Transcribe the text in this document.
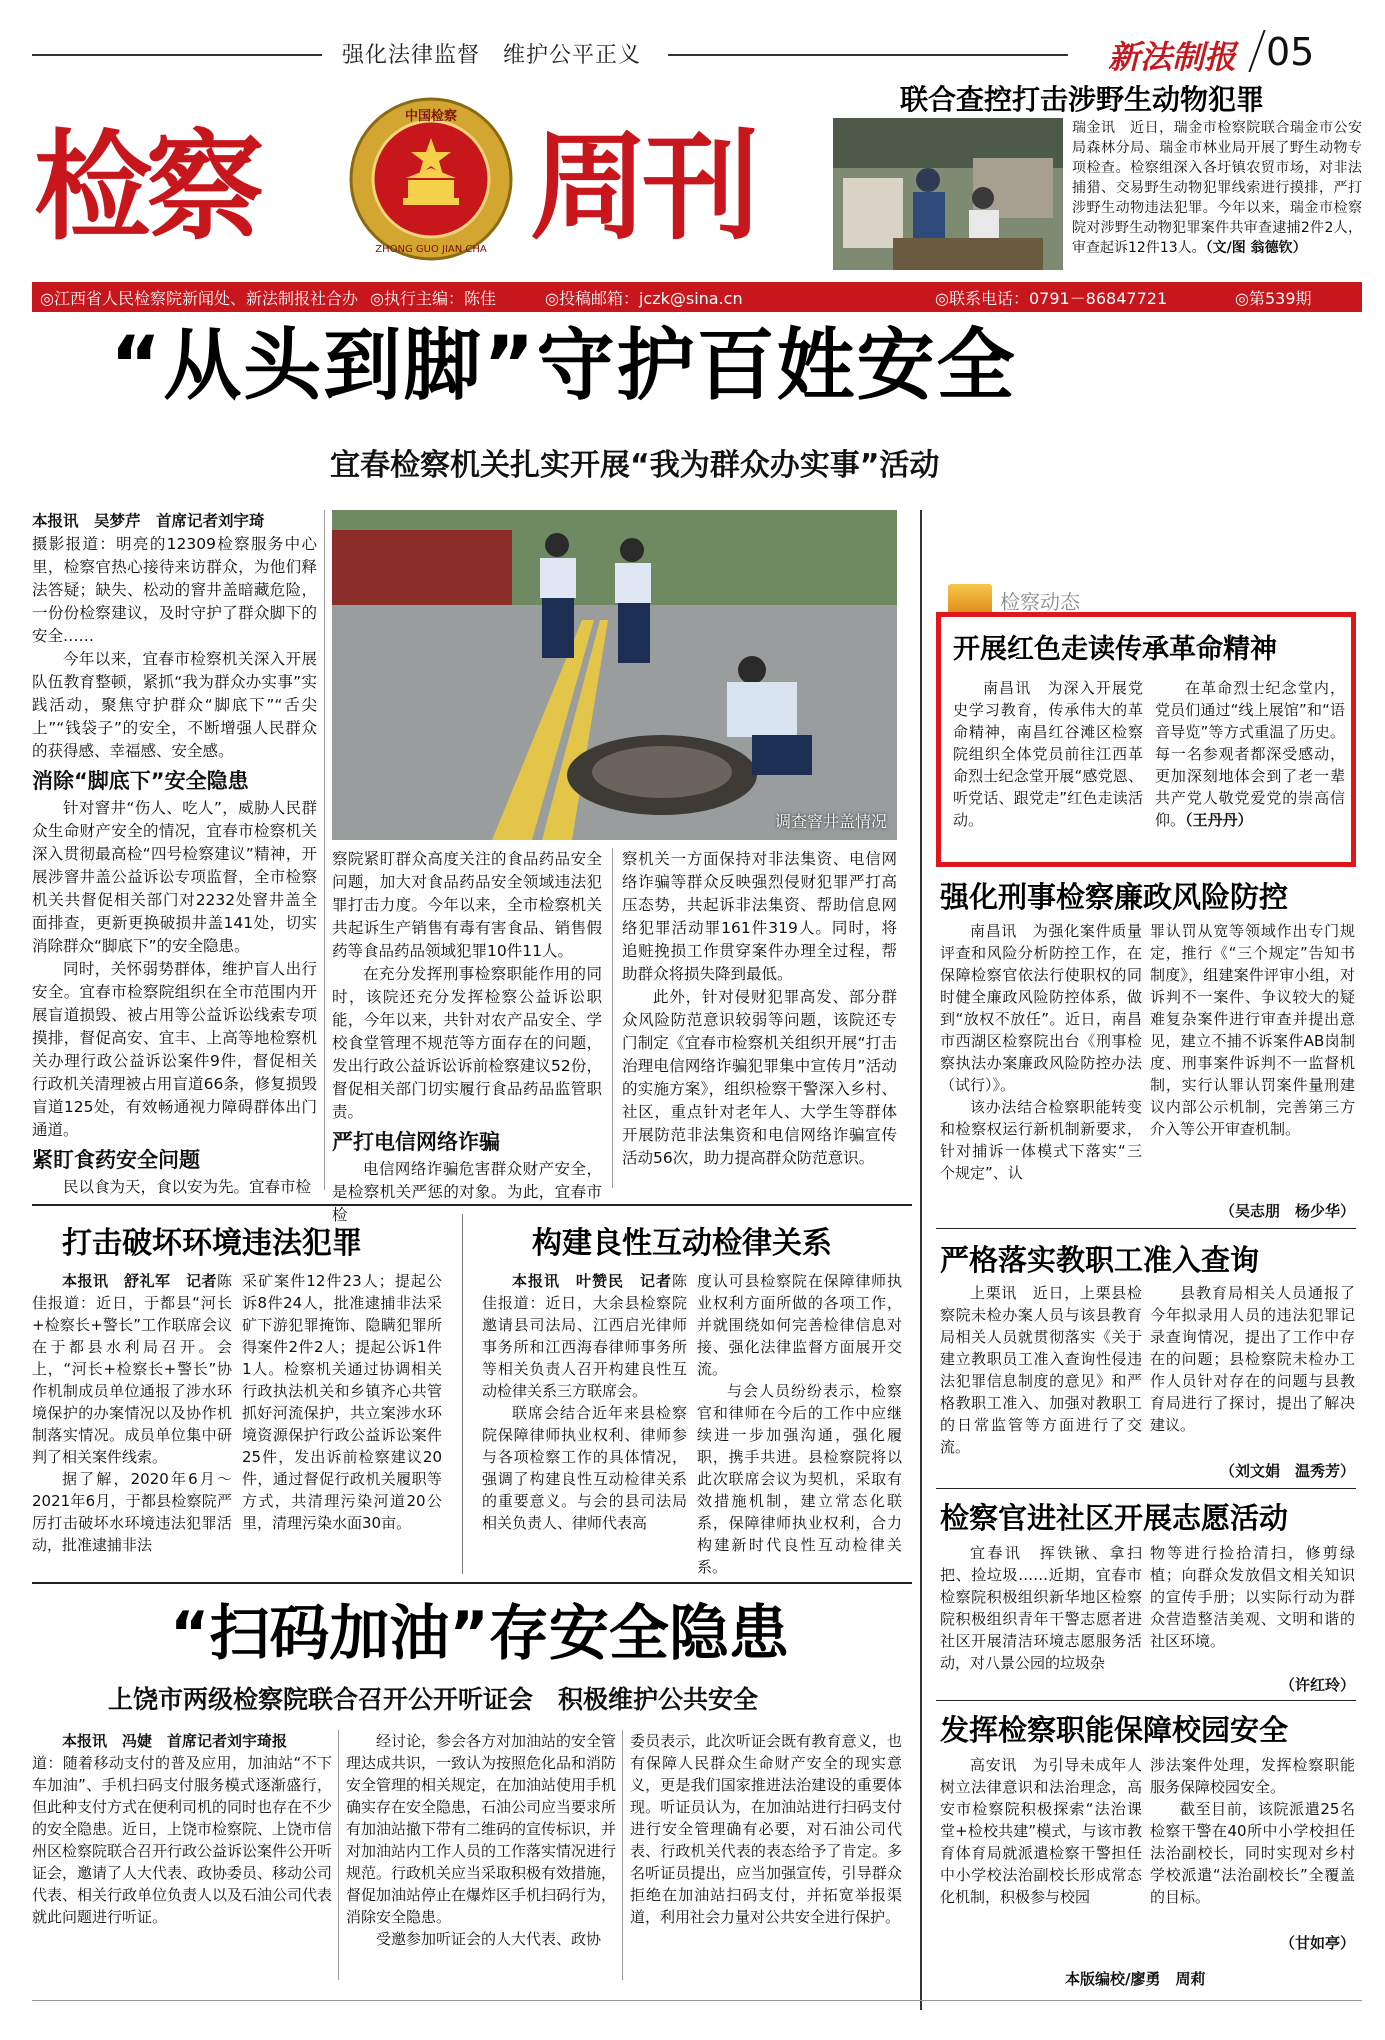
强化法律监督　维护公平正义	新法制报 05
检察
中国检察
ZHONG GUO JIAN CHA 周刊
联合查控打击涉野生动物犯罪
瑞金讯　近日，瑞金市检察院联合瑞金市公安局森林分局、瑞金市林业局开展了野生动物专项检查。检察组深入各圩镇农贸市场，对非法捕猎、交易野生动物犯罪线索进行摸排，严打涉野生动物违法犯罪。今年以来，瑞金市检察院对涉野生动物犯罪案件共审查逮捕2件2人，审查起诉12件13人。（文/图 翁德钦）
◎江西省人民检察院新闻处、新法制报社合办 ◎执行主编：陈佳	◎投稿邮箱：jczk@sina.cn	◎联系电话：0791－86847721	◎第539期
“从头到脚”守护百姓安全
宜春检察机关扎实开展“我为群众办实事”活动
调查窨井盖情况

本报讯　吴梦芹　首席记者刘宇琦

摄影报道：明亮的12309检察服务中心里，检察官热心接待来访群众，为他们释法答疑；缺失、松动的窨井盖暗藏危险，一份份检察建议，及时守护了群众脚下的安全……

今年以来，宜春市检察机关深入开展队伍教育整顿，紧抓“我为群众办实事”实践活动，聚焦守护群众“脚底下”“舌尖上”“钱袋子”的安全，不断增强人民群众的获得感、幸福感、安全感。

消除“脚底下”安全隐患

针对窨井“伤人、吃人”，威胁人民群众生命财产安全的情况，宜春市检察机关深入贯彻最高检“四号检察建议”精神，开展涉窨井盖公益诉讼专项监督，全市检察机关共督促相关部门对2232处窨井盖全面排查，更新更换破损井盖141处，切实消除群众“脚底下”的安全隐患。

同时，关怀弱势群体，维护盲人出行安全。宜春市检察院组织在全市范围内开展盲道损毁、被占用等公益诉讼线索专项摸排，督促高安、宜丰、上高等地检察机关办理行政公益诉讼案件9件，督促相关行政机关清理被占用盲道66条，修复损毁盲道125处，有效畅通视力障碍群体出门通道。

紧盯食药安全问题

民以食为天，食以安为先。宜春市检

察院紧盯群众高度关注的食品药品安全问题，加大对食品药品安全领域违法犯罪打击力度。今年以来，全市检察机关共起诉生产销售有毒有害食品、销售假药等食品药品领域犯罪10件11人。

在充分发挥刑事检察职能作用的同时，该院还充分发挥检察公益诉讼职能，今年以来，共针对农产品安全、学校食堂管理不规范等方面存在的问题，发出行政公益诉讼诉前检察建议52份，督促相关部门切实履行食品药品监管职责。

严打电信网络诈骗

电信网络诈骗危害群众财产安全，是检察机关严惩的对象。为此，宜春市检

察机关一方面保持对非法集资、电信网络诈骗等群众反映强烈侵财犯罪严打高压态势，共起诉非法集资、帮助信息网络犯罪活动罪161件319人。同时，将追赃挽损工作贯穿案件办理全过程，帮助群众将损失降到最低。

此外，针对侵财犯罪高发、部分群众风险防范意识较弱等问题，该院还专门制定《宜春市检察机关组织开展“打击治理电信网络诈骗犯罪集中宣传月”活动的实施方案》，组织检察干警深入乡村、社区，重点针对老年人、大学生等群体开展防范非法集资和电信网络诈骗宣传活动56次，助力提高群众防范意识。

检察动态
开展红色走读传承革命精神
南昌讯　为深入开展党史学习教育，传承伟大的革命精神，南昌红谷滩区检察院组织全体党员前往江西革命烈士纪念堂开展“感党恩、听党话、跟党走”红色走读活动。
在革命烈士纪念堂内，党员们通过“线上展馆”和“语音导览”等方式重温了历史。每一名参观者都深受感动，更加深刻地体会到了老一辈共产党人敬党爱党的崇高信仰。（王丹丹）
强化刑事检察廉政风险防控

南昌讯　为强化案件质量评查和风险分析防控工作，在保障检察官依法行使职权的同时健全廉政风险防控体系，做到“放权不放任”。近日，南昌市西湖区检察院出台《刑事检察执法办案廉政风险防控办法（试行）》。

该办法结合检察职能转变和检察权运行新机制新要求，针对捕诉一体模式下落实“三个规定”、认

罪认罚从宽等领域作出专门规定，推行《“三个规定”告知书制度》，组建案件评审小组，对诉判不一案件、争议较大的疑难复杂案件进行审查并提出意见，建立不捕不诉案件AB岗制度、刑事案件诉判不一监督机制，实行认罪认罚案件量刑建议内部公示机制，完善第三方介入等公开审查机制。
（吴志朋　杨少华）
严格落实教职工准入查询
上栗讯　近日，上栗县检察院未检办案人员与该县教育局相关人员就贯彻落实《关于建立教职员工准入查询性侵违法犯罪信息制度的意见》和严格教职工准入、加强对教职工的日常监管等方面进行了交流。
县教育局相关人员通报了今年拟录用人员的违法犯罪记录查询情况，提出了工作中存在的问题；县检察院未检办工作人员针对存在的问题与县教育局进行了探讨，提出了解决建议。
（刘文娟　温秀芳）
检察官进社区开展志愿活动
宜春讯　挥铁锹、拿扫把、捡垃圾……近期，宜春市检察院积极组织新华地区检察院积极组织青年干警志愿者进社区开展清洁环境志愿服务活动，对八景公园的垃圾杂
物等进行捡拾清扫，修剪绿植；向群众发放倡文相关知识的宣传手册；以实际行动为群众营造整洁美观、文明和谐的社区环境。
（许红玲）
发挥检察职能保障校园安全
高安讯　为引导未成年人树立法律意识和法治理念，高安市检察院积极探索“法治课堂+检校共建”模式，与该市教育体育局就派遣检察干警担任中小学校法治副校长形成常态化机制，积极参与校园

涉法案件处理，发挥检察职能服务保障校园安全。

截至目前，该院派遣25名检察干警在40所中小学校担任法治副校长，同时实现对乡村学校派遣“法治副校长”全覆盖的目标。

（甘如亭）
本版编校/廖勇　周莉
打击破坏环境违法犯罪

本报讯　舒礼军　记者陈佳报道：近日，于都县“河长+检察长+警长”工作联席会议在于都县水利局召开。会上，“河长+检察长+警长”协作机制成员单位通报了涉水环境保护的办案情况以及协作机制落实情况。成员单位集中研判了相关案件线索。

据了解，2020年6月～2021年6月，于都县检察院严厉打击破坏水环境违法犯罪活动，批准逮捕非法

采矿案件12件23人；提起公诉8件24人，批准逮捕非法采矿下游犯罪掩饰、隐瞒犯罪所得案件2件2人；提起公诉1件1人。检察机关通过协调相关行政执法机关和乡镇齐心共管抓好河流保护，共立案涉水环境资源保护行政公益诉讼案件25件，发出诉前检察建议20件，通过督促行政机关履职等方式，共清理污染河道20公里，清理污染水面30亩。
构建良性互动检律关系

本报讯　叶赞民　记者陈佳报道：近日，大余县检察院邀请县司法局、江西启光律师事务所和江西海春律师事务所等相关负责人召开构建良性互动检律关系三方联席会。

联席会结合近年来县检察院保障律师执业权利、律师参与各项检察工作的具体情况，强调了构建良性互动检律关系的重要意义。与会的县司法局相关负责人、律师代表高

度认可县检察院在保障律师执业权利方面所做的各项工作，并就围绕如何完善检律信息对接、强化法律监督方面展开交流。

与会人员纷纷表示，检察官和律师在今后的工作中应继续进一步加强沟通，强化履职，携手共进。县检察院将以此次联席会议为契机，采取有效措施机制，建立常态化联系，保障律师执业权利，合力构建新时代良性互动检律关系。

“扫码加油”存安全隐患
上饶市两级检察院联合召开公开听证会　积极维护公共安全

本报讯　冯婕　首席记者刘宇琦报

道：随着移动支付的普及应用，加油站“不下车加油”、手机扫码支付服务模式逐渐盛行，但此种支付方式在便利司机的同时也存在不少的安全隐患。近日，上饶市检察院、上饶市信州区检察院联合召开行政公益诉讼案件公开听证会，邀请了人大代表、政协委员、移动公司代表、相关行政单位负责人以及石油公司代表就此问题进行听证。

经讨论，参会各方对加油站的安全管理达成共识，一致认为按照危化品和消防安全管理的相关规定，在加油站使用手机确实存在安全隐患，石油公司应当要求所有加油站撤下带有二维码的宣传标识，并对加油站内工作人员的工作落实情况进行规范。行政机关应当采取积极有效措施，督促加油站停止在爆炸区手机扫码行为，消除安全隐患。

受邀参加听证会的人大代表、政协

委员表示，此次听证会既有教育意义，也有保障人民群众生命财产安全的现实意义，更是我们国家推进法治建设的重要体现。听证员认为，在加油站进行扫码支付进行安全管理确有必要，对石油公司代表、行政机关代表的表态给予了肯定。多名听证员提出，应当加强宣传，引导群众拒绝在加油站扫码支付，并拓宽举报渠道，利用社会力量对公共安全进行保护。
